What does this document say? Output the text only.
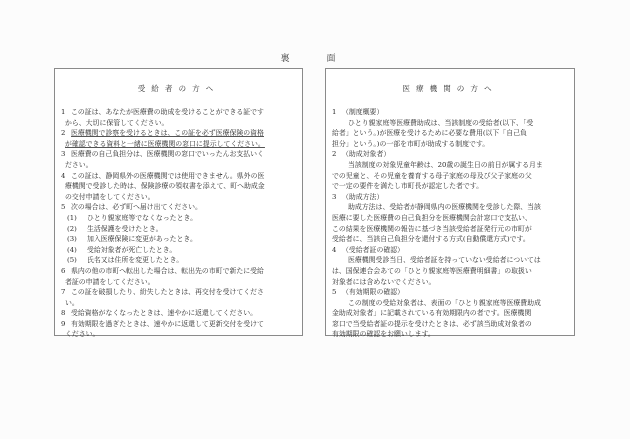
裏　面
受給者の方へ
1 この証は、あなたが医療費の助成を受けることができる証です
から、大切に保管してください。
2 医療機関で診察を受けるときは、この証を必ず医療保険の資格
が確認できる資料と一緒に医療機関の窓口に提示してください。
3 医療費の自己負担分は、医療機関の窓口でいったんお支払いく
ださい。
4 この証は、静岡県外の医療機関では使用できません。県外の医
療機関で受診した時は、保険診療の領収書を添えて、町へ助成金
の交付申請をしてください。
5 次の場合は、必ず町へ届け出てください。
(1) ひとり親家庭等でなくなったとき。
(2) 生活保護を受けたとき。
(3) 加入医療保険に変更があったとき。
(4) 受給対象者が死亡したとき。
(5) 氏名又は住所を変更したとき。
6 県内の他の市町へ転出した場合は、転出先の市町で新たに受給
者証の申請をしてください。
7 この証を破損したり、紛失したときは、再交付を受けてくださ
い。
8 受給資格がなくなったときは、速やかに返還してください。
9 有効期限を過ぎたときは、速やかに返還して更新交付を受けて
ください。
医療機関の方へ
1 （制度概要）
ひとり親家庭等医療費助成は、当該制度の受給者(以下、「受
給者」という。)が医療を受けるために必要な費用(以下「自己負
担分」という。)の一部を市町が助成する制度です。
2 （助成対象者）
当該制度の対象児童年齢は、20歳の誕生日の前日が属する月ま
での児童と、その児童を養育する母子家庭の母及び父子家庭の父
で一定の要件を満たし市町長が認定した者です。
3 （助成方法）
助成方法は、受給者が静岡県内の医療機関を受診した際、当該
医療に要した医療費の自己負担分を医療機関会計窓口で支払い、
この結果を医療機関の報告に基づき当該受給者証発行元の市町が
受給者に、当該自己負担分を還付する方式(自動償還方式)です。
4 （受給者証の確認）
医療機関受診当日、受給者証を持っていない受給者については
は、国保連合会あての「ひとり親家庭等医療費明細書」の取扱い
対象者には含めないでください。
5 （有効期限の確認）
この制度の受給対象者は、表面の「ひとり親家庭等医療費助成
金助成対象者」に記載されている有効期限内の者です。医療機関
窓口で当受給者証の提示を受けたときは、必ず該当助成対象者の
有効期限の確認をお願いします。
